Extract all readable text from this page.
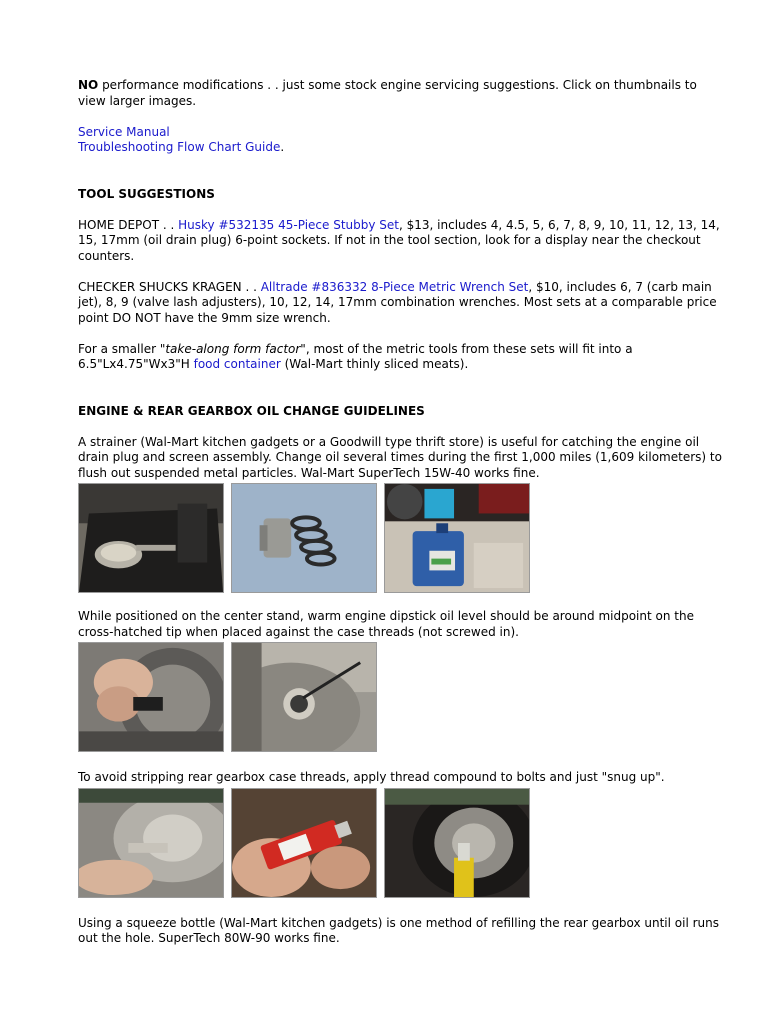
NO performance modifications . . just some stock engine servicing suggestions. Click on thumbnails to view larger images.

Service Manual
Troubleshooting Flow Chart Guide.

TOOL SUGGESTIONS

HOME DEPOT . . Husky #532135 45-Piece Stubby Set, $13, includes 4, 4.5, 5, 6, 7, 8, 9, 10, 11, 12, 13, 14, 15, 17mm (oil drain plug) 6-point sockets. If not in the tool section, look for a display near the checkout counters.

CHECKER SHUCKS KRAGEN . . Alltrade #836332 8-Piece Metric Wrench Set, $10, includes 6, 7 (carb main jet), 8, 9 (valve lash adjusters), 10, 12, 14, 17mm combination wrenches. Most sets at a comparable price point DO NOT have the 9mm size wrench.

For a smaller "take-along form factor", most of the metric tools from these sets will fit into a 6.5"Lx4.75"Wx3"H food container (Wal-Mart thinly sliced meats).

ENGINE & REAR GEARBOX OIL CHANGE GUIDELINES

A strainer (Wal-Mart kitchen gadgets or a Goodwill type thrift store) is useful for catching the engine oil drain plug and screen assembly. Change oil several times during the first 1,000 miles (1,609 kilometers) to flush out suspended metal particles. Wal-Mart SuperTech 15W-40 works fine.

While positioned on the center stand, warm engine dipstick oil level should be around midpoint on the cross-hatched tip when placed against the case threads (not screwed in).

To avoid stripping rear gearbox case threads, apply thread compound to bolts and just "snug up".

Using a squeeze bottle (Wal-Mart kitchen gadgets) is one method of refilling the rear gearbox until oil runs out the hole. SuperTech 80W-90 works fine.
